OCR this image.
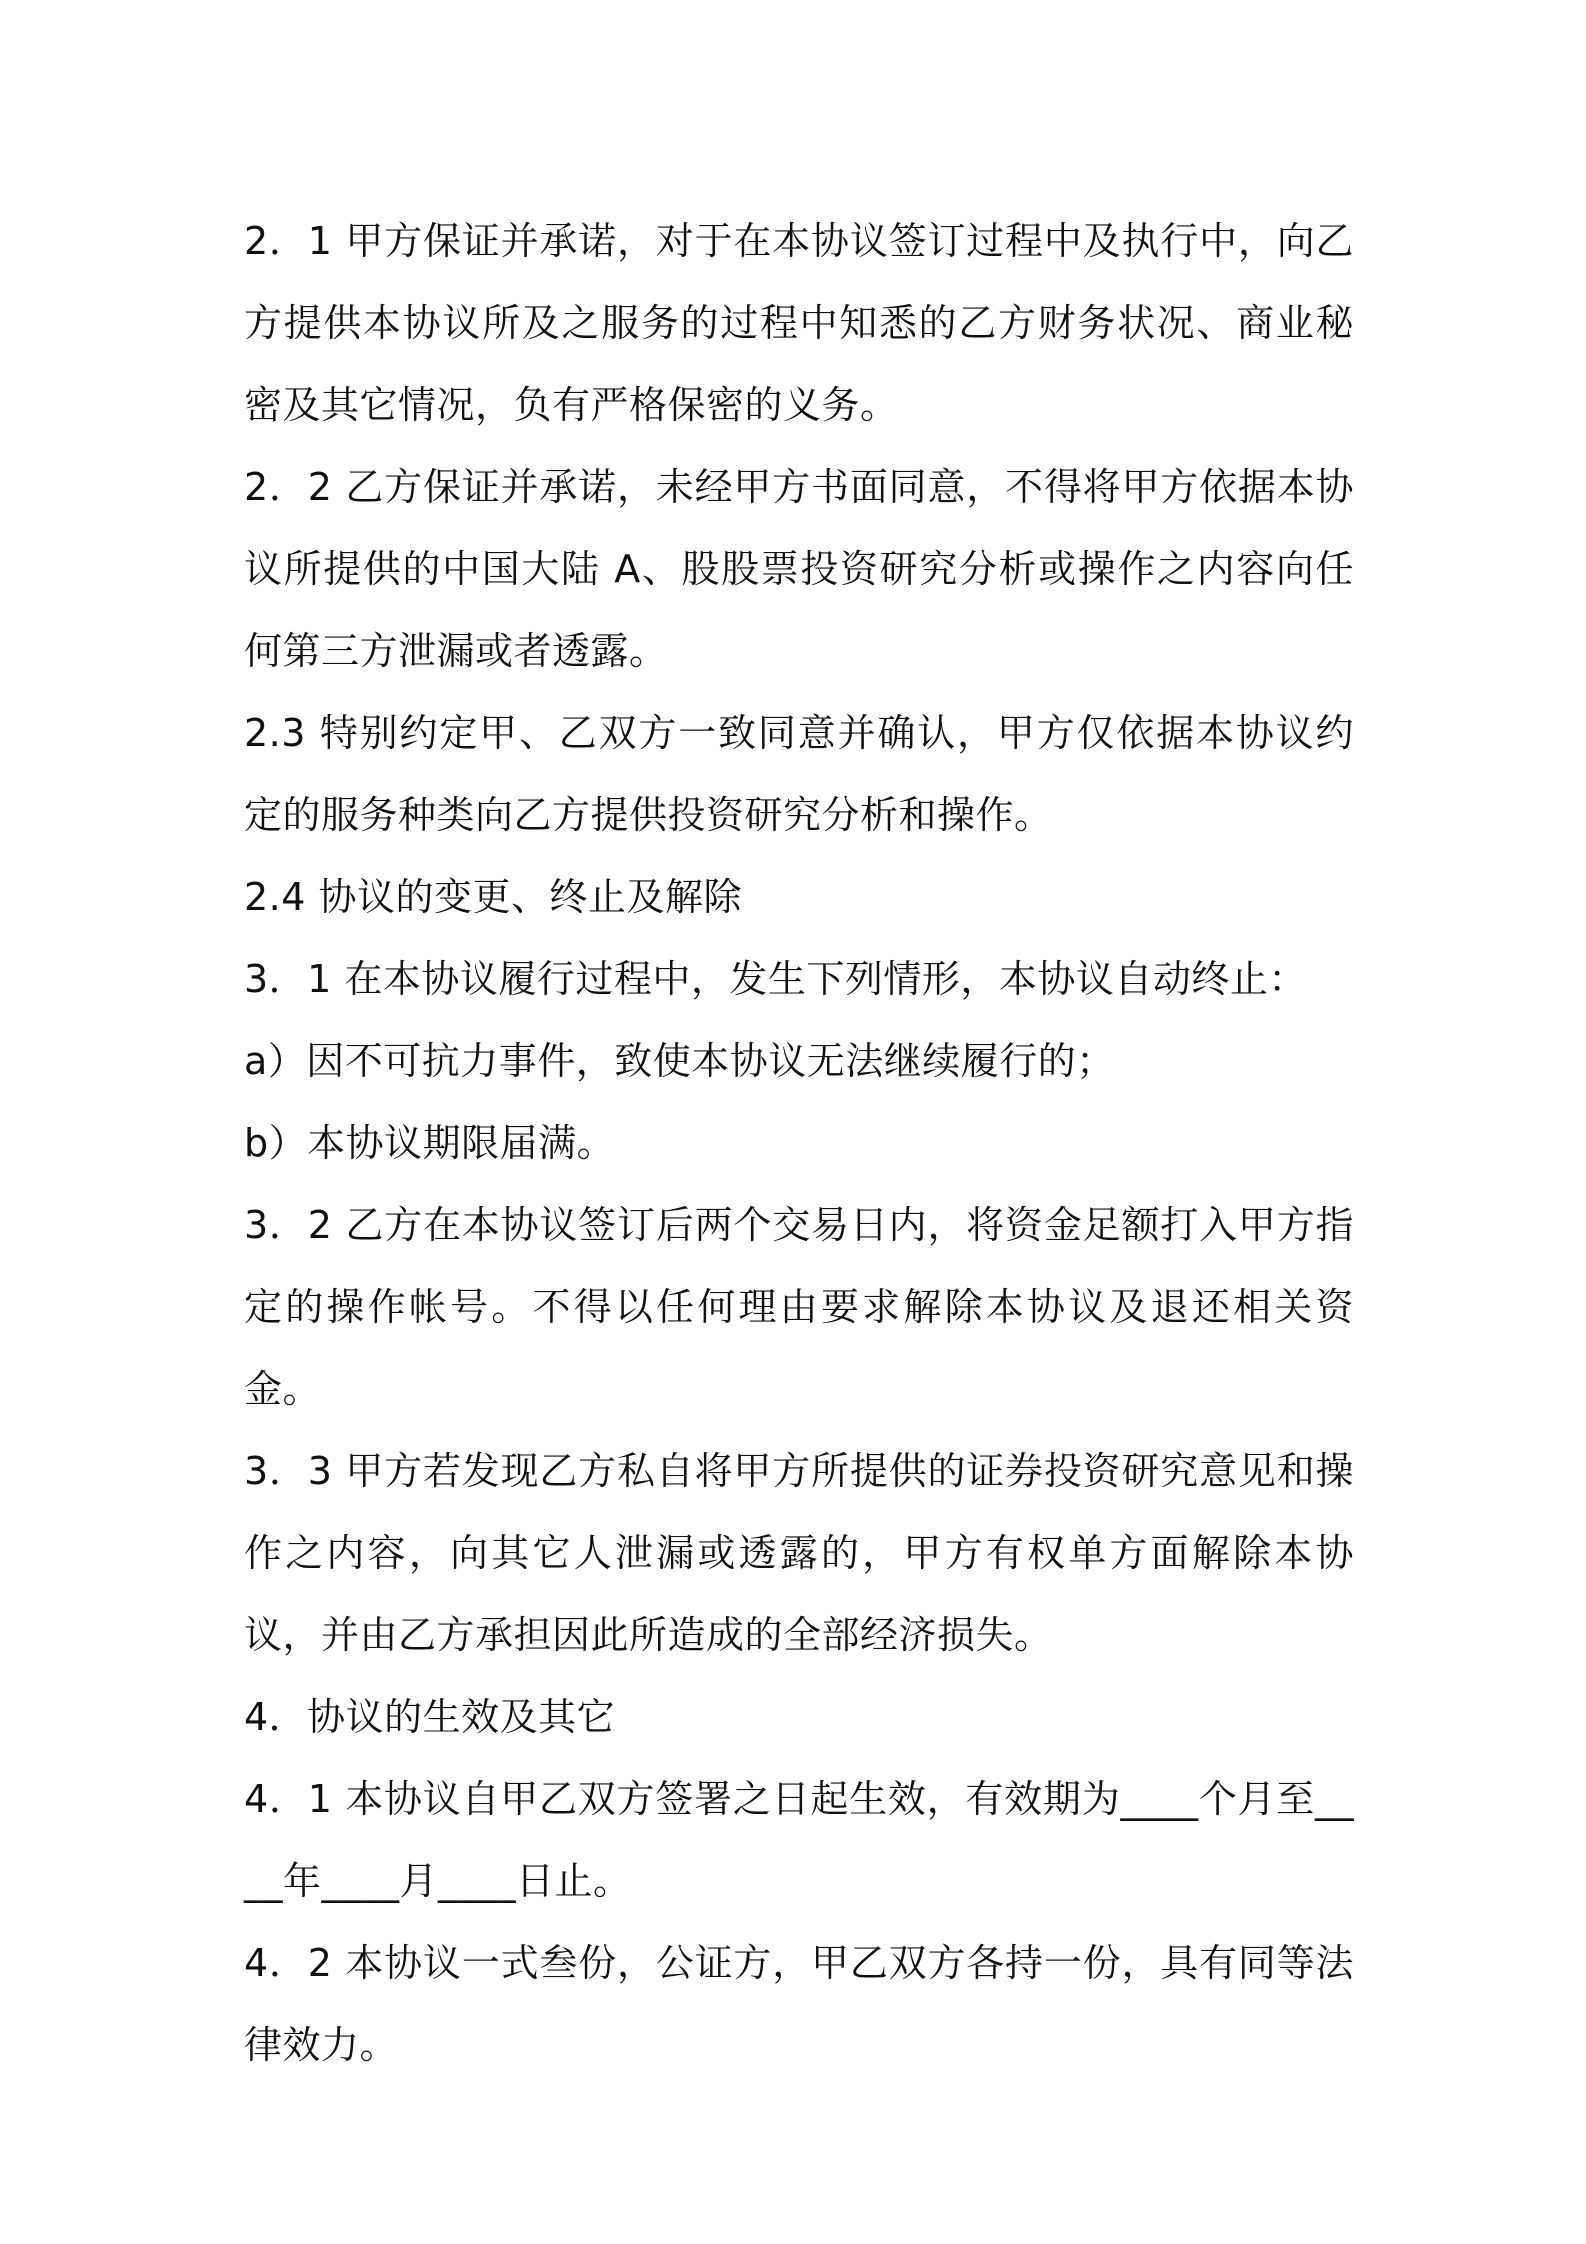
2．1 甲方保证并承诺，对于在本协议签订过程中及执行中，向乙方提供本协议所及之服务的过程中知悉的乙方财务状况、商业秘密及其它情况，负有严格保密的义务。

2．2 乙方保证并承诺，未经甲方书面同意，不得将甲方依据本协议所提供的中国大陆 A、股股票投资研究分析或操作之内容向任何第三方泄漏或者透露。

2.3 特别约定甲、乙双方一致同意并确认，甲方仅依据本协议约定的服务种类向乙方提供投资研究分析和操作。

2.4 协议的变更、终止及解除

3．1 在本协议履行过程中，发生下列情形，本协议自动终止：

a）因不可抗力事件，致使本协议无法继续履行的；

b）本协议期限届满。

3．2 乙方在本协议签订后两个交易日内，将资金足额打入甲方指定的操作帐号。不得以任何理由要求解除本协议及退还相关资金。

3．3 甲方若发现乙方私自将甲方所提供的证券投资研究意见和操作之内容，向其它人泄漏或透露的，甲方有权单方面解除本协议，并由乙方承担因此所造成的全部经济损失。

4．协议的生效及其它

4．1 本协议自甲乙双方签署之日起生效，有效期为____个月至____年____月____日止。

4．2 本协议一式叁份，公证方，甲乙双方各持一份，具有同等法律效力。
